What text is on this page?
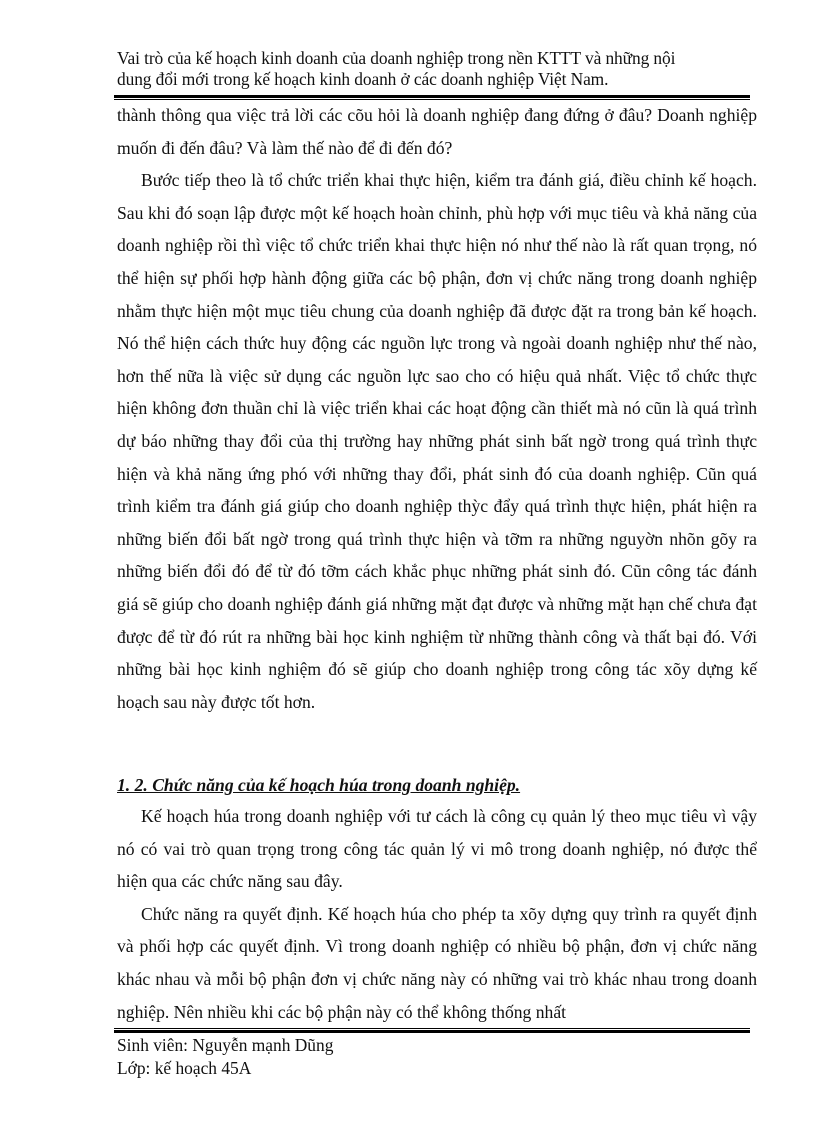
Vai trò của kế hoạch kinh doanh của doanh nghiệp trong nền KTTT và những nội
dung đổi mới trong kế hoạch kinh doanh ở các doanh nghiệp Việt Nam.

thành thông qua việc trả lời các cõu hỏi là doanh nghiệp đang đứng ở đâu? Doanh nghiệp muốn đi đến đâu? Và làm thế nào để đi đến đó?

Bước tiếp theo là tổ chức triển khai thực hiện, kiểm tra đánh giá, điều chỉnh kế hoạch. Sau khi đó soạn lập được một kế hoạch hoàn chỉnh, phù hợp với mục tiêu và khả năng của doanh nghiệp rồi thì việc tổ chức triển khai thực hiện nó như thế nào là rất quan trọng, nó thể hiện sự phối hợp hành động giữa các bộ phận, đơn vị chức năng trong doanh nghiệp nhằm thực hiện một mục tiêu chung của doanh nghiệp đã được đặt ra trong bản kế hoạch. Nó thể hiện cách thức huy động các nguồn lực trong và ngoài doanh nghiệp như thế nào, hơn thế nữa là việc sử dụng các nguồn lực sao cho có hiệu quả nhất. Việc tổ chức thực hiện không đơn thuần chỉ là việc triển khai các hoạt động cần thiết mà nó cũn là quá trình dự báo những thay đổi của thị trường hay những phát sinh bất ngờ trong quá trình thực hiện và khả năng ứng phó với những thay đổi, phát sinh đó của doanh nghiệp. Cũn quá trình kiểm tra đánh giá giúp cho doanh nghiệp thỳc đẩy quá trình thực hiện, phát hiện ra những biến đổi bất ngờ trong quá trình thực hiện và tỡm ra những nguyờn nhõn gõy ra những biến đổi đó để từ đó tỡm cách khắc phục những phát sinh đó. Cũn công tác đánh giá sẽ giúp cho doanh nghiệp đánh giá những mặt đạt được và những mặt hạn chế chưa đạt được để từ đó rút ra những bài học kinh nghiệm từ những thành công và thất bại đó. Với những bài học kinh nghiệm đó sẽ giúp cho doanh nghiệp trong công tác xõy dựng kế hoạch sau này được tốt hơn.

1. 2. Chức năng của kế hoạch húa trong doanh nghiệp.

Kế hoạch húa trong doanh nghiệp với tư cách là công cụ quản lý theo mục tiêu vì vậy nó có vai trò quan trọng trong công tác quản lý vi mô trong doanh nghiệp, nó được thể hiện qua các chức năng sau đây.

Chức năng ra quyết định. Kế hoạch húa cho phép ta xõy dựng quy trình ra quyết định và phối hợp các quyết định. Vì trong doanh nghiệp có nhiều bộ phận, đơn vị chức năng khác nhau và mỗi bộ phận đơn vị chức năng này có những vai trò khác nhau trong doanh nghiệp. Nên nhiều khi các bộ phận này có thể không thống nhất

Sinh viên: Nguyễn mạnh Dũng
Lớp: kế hoạch 45A
